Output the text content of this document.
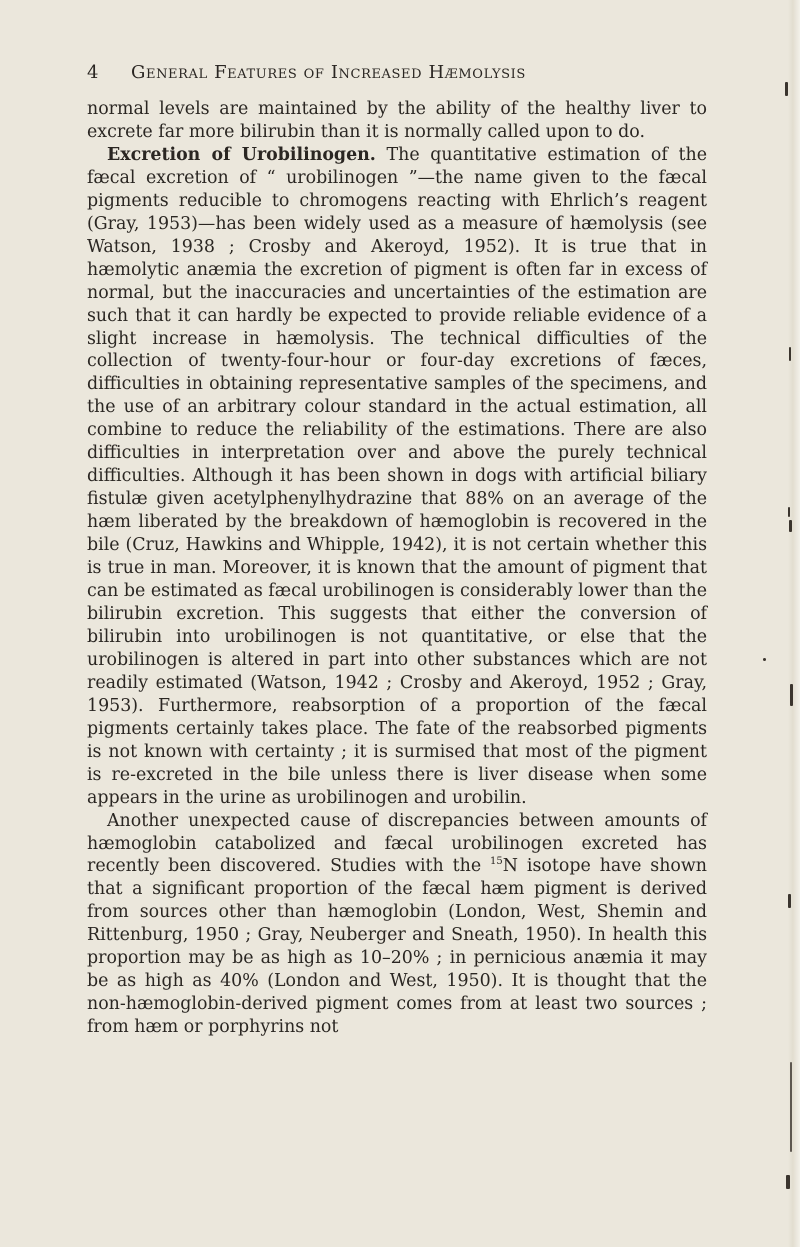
4 General Features of Increased Hæmolysis

normal levels are maintained by the ability of the healthy liver to excrete far more bilirubin than it is normally called upon to do.

Excretion of Urobilinogen. The quantitative estimation of the fæcal excretion of “ urobilinogen ”—the name given to the fæcal pigments reducible to chromogens reacting with Ehrlich’s reagent (Gray, 1953)—has been widely used as a measure of hæmolysis (see Watson, 1938 ; Crosby and Akeroyd, 1952). It is true that in hæmolytic anæmia the excretion of pigment is often far in excess of normal, but the inaccuracies and uncertainties of the estimation are such that it can hardly be expected to provide reliable evidence of a slight increase in hæmolysis. The technical difficulties of the collection of twenty-four-hour or four-day excretions of fæces, difficulties in obtaining representative samples of the specimens, and the use of an arbitrary colour standard in the actual estimation, all combine to reduce the reliability of the estimations. There are also difficulties in interpretation over and above the purely technical difficulties. Although it has been shown in dogs with artificial biliary fistulæ given acetylphenylhydrazine that 88% on an average of the hæm liberated by the breakdown of hæmoglobin is recovered in the bile (Cruz, Hawkins and Whipple, 1942), it is not certain whether this is true in man. Moreover, it is known that the amount of pigment that can be estimated as fæcal urobilinogen is considerably lower than the bilirubin excretion. This suggests that either the conversion of bilirubin into urobilinogen is not quantitative, or else that the urobilinogen is altered in part into other substances which are not readily estimated (Watson, 1942 ; Crosby and Akeroyd, 1952 ; Gray, 1953). Furthermore, reabsorption of a proportion of the fæcal pigments certainly takes place. The fate of the reabsorbed pigments is not known with certainty ; it is surmised that most of the pigment is re-excreted in the bile unless there is liver disease when some appears in the urine as urobilinogen and urobilin.

Another unexpected cause of discrepancies between amounts of hæmoglobin catabolized and fæcal urobilinogen excreted has recently been discovered. Studies with the $^{15}$N isotope have shown that a significant proportion of the fæcal hæm pigment is derived from sources other than hæmoglobin (London, West, Shemin and Rittenburg, 1950 ; Gray, Neuberger and Sneath, 1950). In health this proportion may be as high as 10–20% ; in pernicious anæmia it may be as high as 40% (London and West, 1950). It is thought that the non-hæmoglobin-derived pigment comes from at least two sources ; from hæm or porphyrins not
